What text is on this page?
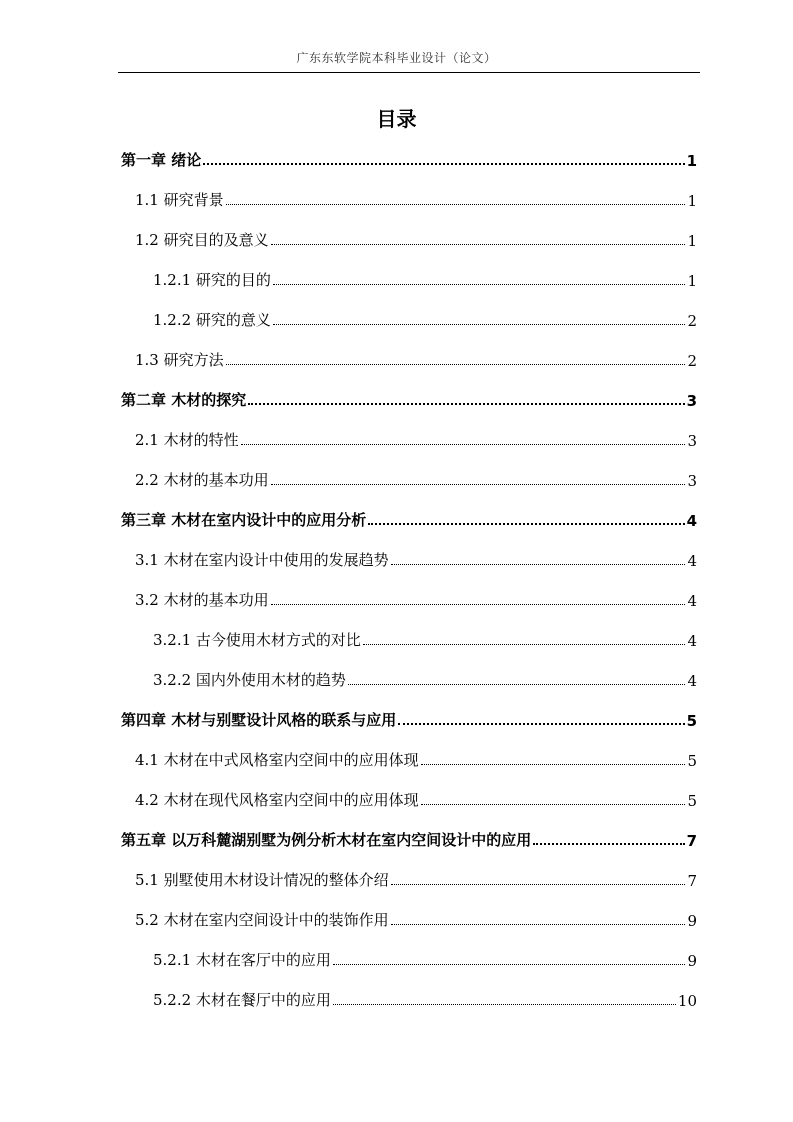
广东东软学院本科毕业设计（论文）
目录
第一章 绪论	1
1.1 研究背景	1
1.2 研究目的及意义	1
1.2.1 研究的目的	1
1.2.2 研究的意义	2
1.3 研究方法	2
第二章 木材的探究	3
2.1 木材的特性	3
2.2 木材的基本功用	3
第三章 木材在室内设计中的应用分析	4
3.1 木材在室内设计中使用的发展趋势	4
3.2 木材的基本功用	4
3.2.1 古今使用木材方式的对比	4
3.2.2 国内外使用木材的趋势	4
第四章 木材与别墅设计风格的联系与应用	5
4.1 木材在中式风格室内空间中的应用体现	5
4.2 木材在现代风格室内空间中的应用体现	5
第五章 以万科麓湖别墅为例分析木材在室内空间设计中的应用	7
5.1 别墅使用木材设计情况的整体介绍	7
5.2 木材在室内空间设计中的装饰作用	9
5.2.1 木材在客厅中的应用	9
5.2.2 木材在餐厅中的应用	10
